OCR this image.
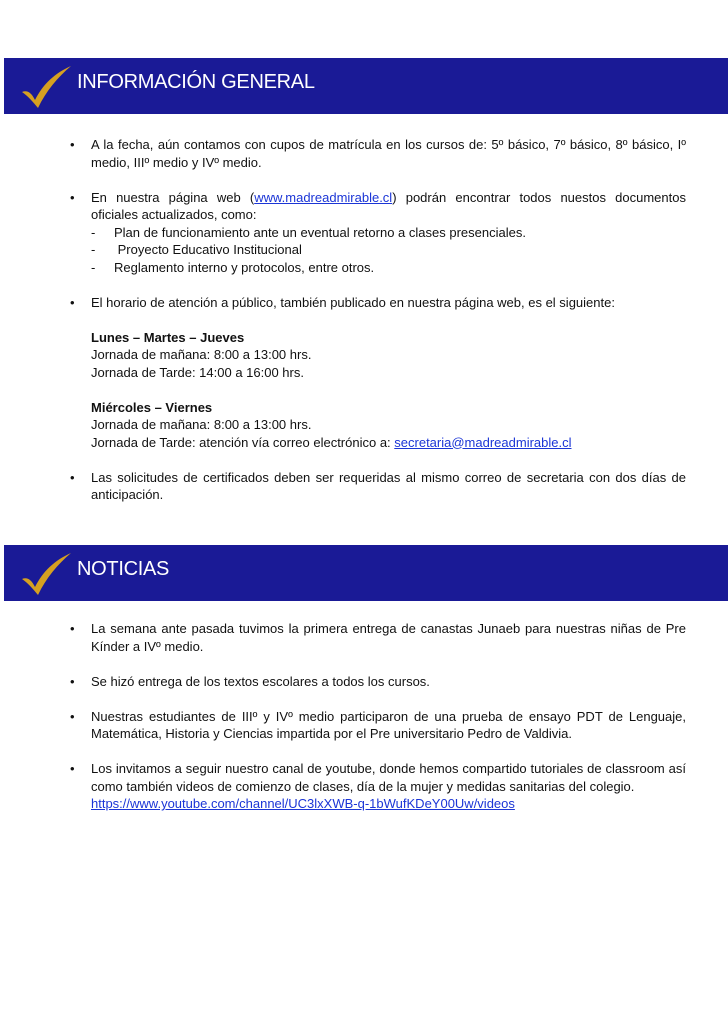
INFORMACIÓN GENERAL
• A la fecha, aún contamos con cupos de matrícula en los cursos de: 5º básico, 7º básico, 8º básico, Iº medio, IIIº medio y IVº medio.
• En nuestra página web (www.madreadmirable.cl) podrán encontrar todos nuestos documentos oficiales actualizados, como:
- Plan de funcionamiento ante un eventual retorno a clases presenciales.
- Proyecto Educativo Institucional
- Reglamento interno y protocolos, entre otros.
• El horario de atención a público, también publicado en nuestra página web, es el siguiente:
Lunes – Martes – Jueves
Jornada de mañana: 8:00 a 13:00 hrs.
Jornada de Tarde: 14:00 a 16:00 hrs.
Miércoles – Viernes
Jornada de mañana: 8:00 a 13:00 hrs.
Jornada de Tarde: atención vía correo electrónico a: secretaria@madreadmirable.cl
• Las solicitudes de certificados deben ser requeridas al mismo correo de secretaria con dos días de anticipación.
NOTICIAS
• La semana ante pasada tuvimos la primera entrega de canastas Junaeb para nuestras niñas de Pre Kínder a IVº medio.
• Se hizó entrega de los textos escolares a todos los cursos.
• Nuestras estudiantes de IIIº y IVº medio participaron de una prueba de ensayo PDT de Lenguaje, Matemática, Historia y Ciencias impartida por el Pre universitario Pedro de Valdivia.
• Los invitamos a seguir nuestro canal de youtube, donde hemos compartido tutoriales de classroom así como también videos de comienzo de clases, día de la mujer y medidas sanitarias del colegio.
https://www.youtube.com/channel/UC3lxXWB-q-1bWufKDeY00Uw/videos
